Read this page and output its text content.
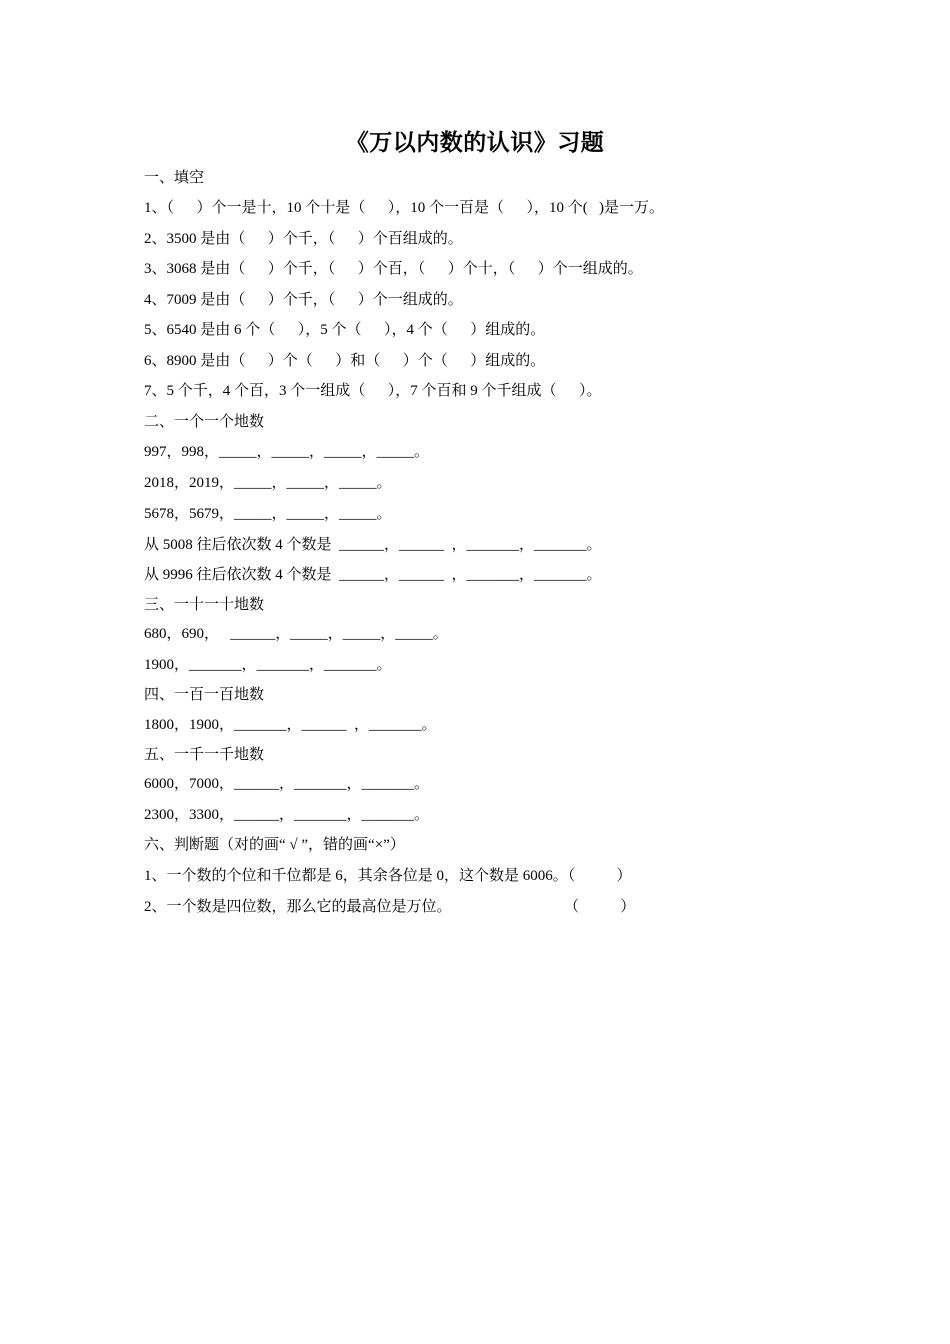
《万以内数的认识》习题
一、填空
1、（      ）个一是十，10 个十是（      ），10 个一百是（      ），10 个(   )是一万。
2、3500 是由（      ）个千，（      ）个百组成的。
3、3068 是由（      ）个千，（      ）个百，（      ）个十，（      ）个一组成的。
4、7009 是由（      ）个千，（      ）个一组成的。
5、6540 是由 6 个（      ），5 个（      ），4 个（      ）组成的。
6、8900 是由（      ）个（      ）和（      ）个（      ）组成的。
7、5 个千，4 个百，3 个一组成（      ），7 个百和 9 个千组成（      ）。
二、一个一个地数
997，998，_____，_____，_____，_____。
2018，2019，_____，_____，_____。
5678，5679，_____，_____，_____。
从 5008 往后依次数 4 个数是  ______，______  ，_______，_______。
从 9996 往后依次数 4 个数是  ______，______  ，_______，_______。
三、一十一十地数
680，690，   ______，_____，_____，_____。
1900，_______，_______，_______。
四、一百一百地数
1800，1900，_______，______  ，_______。
五、一千一千地数
6000，7000，______，_______，_______。
2300，3300，______，_______，_______。
六、判断题（对的画“ √ ”，错的画“×”）
1、一个数的个位和千位都是 6，其余各位是 0，这个数是 6006。（           ）
2、一个数是四位数，那么它的最高位是万位。                              （           ）
